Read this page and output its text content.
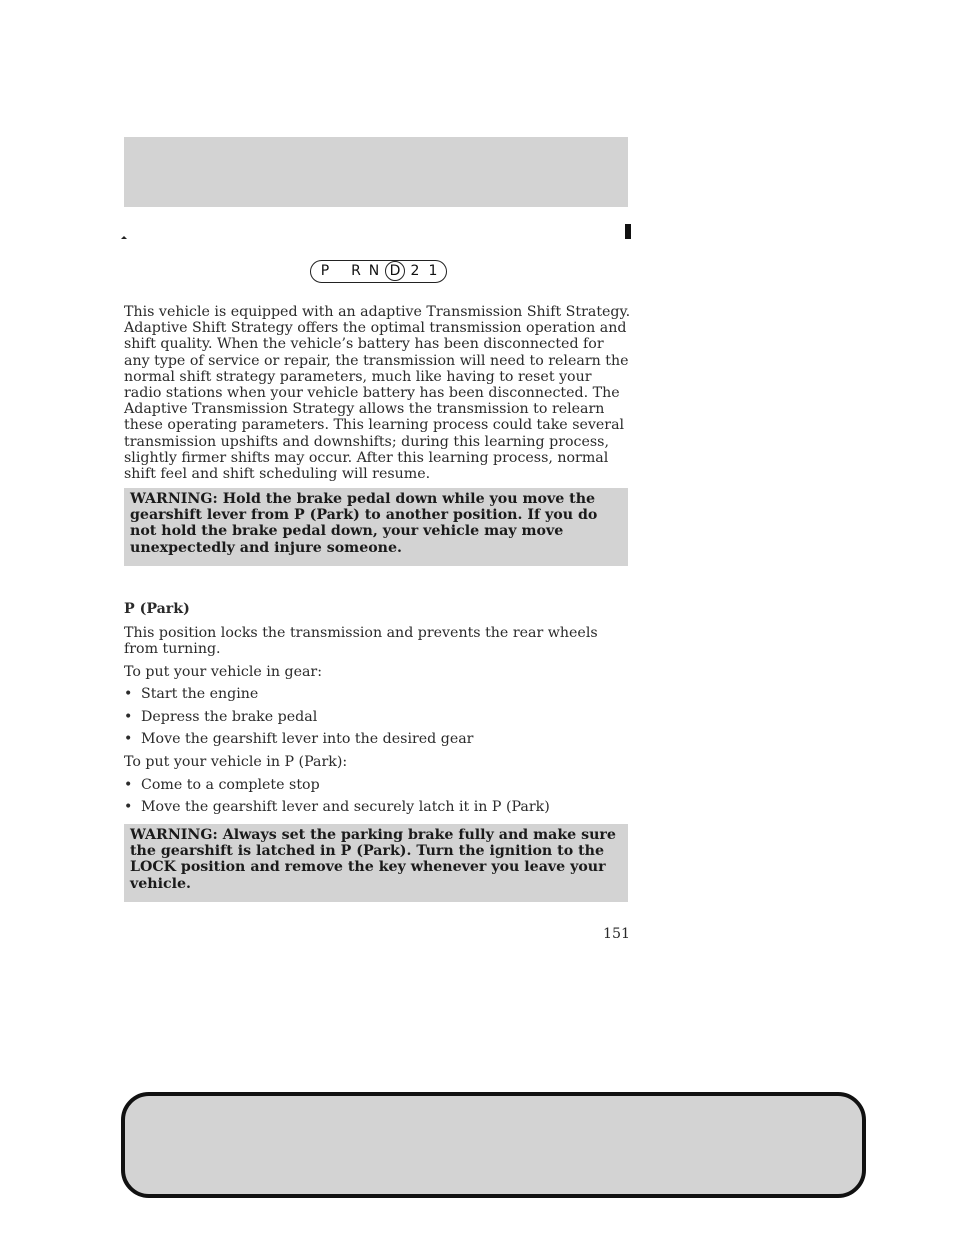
P R N D 2 1

This vehicle is equipped with an adaptive Transmission Shift Strategy. Adaptive Shift Strategy offers the optimal transmission operation and shift quality. When the vehicle’s battery has been disconnected for any type of service or repair, the transmission will need to relearn the normal shift strategy parameters, much like having to reset your radio stations when your vehicle battery has been disconnected. The Adaptive Transmission Strategy allows the transmission to relearn these operating parameters. This learning process could take several transmission upshifts and downshifts; during this learning process, slightly firmer shifts may occur. After this learning process, normal shift feel and shift scheduling will resume.

WARNING: Hold the brake pedal down while you move the gearshift lever from P (Park) to another position. If you do not hold the brake pedal down, your vehicle may move unexpectedly and injure someone.

P (Park)

This position locks the transmission and prevents the rear wheels from turning.

To put your vehicle in gear:

• Start the engine
• Depress the brake pedal
• Move the gearshift lever into the desired gear

To put your vehicle in P (Park):

• Come to a complete stop
• Move the gearshift lever and securely latch it in P (Park)

WARNING: Always set the parking brake fully and make sure the gearshift is latched in P (Park). Turn the ignition to the LOCK position and remove the key whenever you leave your vehicle.

151
